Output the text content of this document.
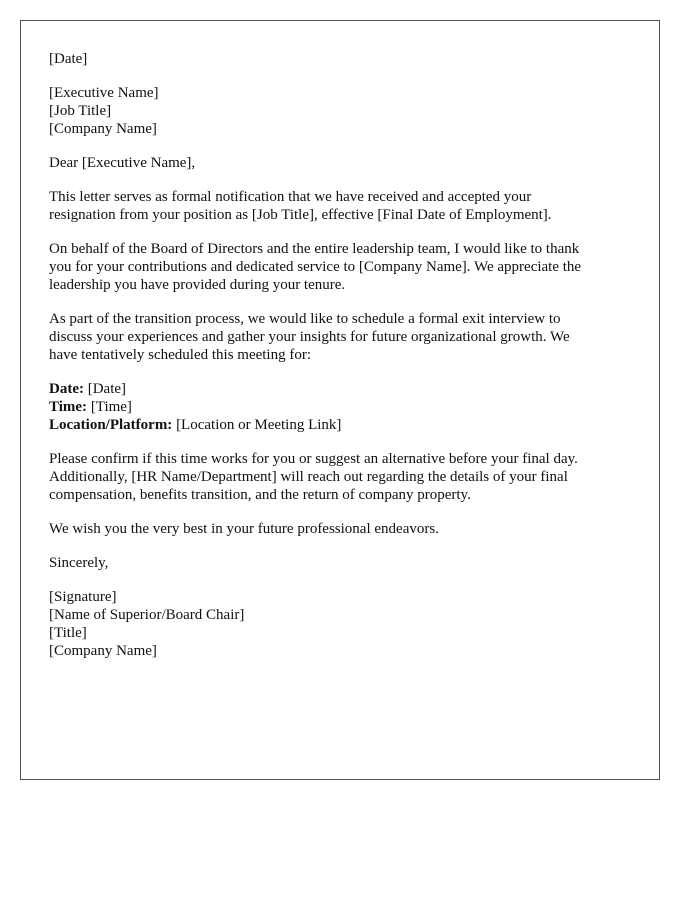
[Date]
[Executive Name]
[Job Title]
[Company Name]
Dear [Executive Name],
This letter serves as formal notification that we have received and accepted your
resignation from your position as [Job Title], effective [Final Date of Employment].
On behalf of the Board of Directors and the entire leadership team, I would like to thank
you for your contributions and dedicated service to [Company Name]. We appreciate the
leadership you have provided during your tenure.
As part of the transition process, we would like to schedule a formal exit interview to
discuss your experiences and gather your insights for future organizational growth. We
have tentatively scheduled this meeting for:
Date: [Date]
Time: [Time]
Location/Platform: [Location or Meeting Link]
Please confirm if this time works for you or suggest an alternative before your final day.
Additionally, [HR Name/Department] will reach out regarding the details of your final
compensation, benefits transition, and the return of company property.
We wish you the very best in your future professional endeavors.
Sincerely,
[Signature]
[Name of Superior/Board Chair]
[Title]
[Company Name]
